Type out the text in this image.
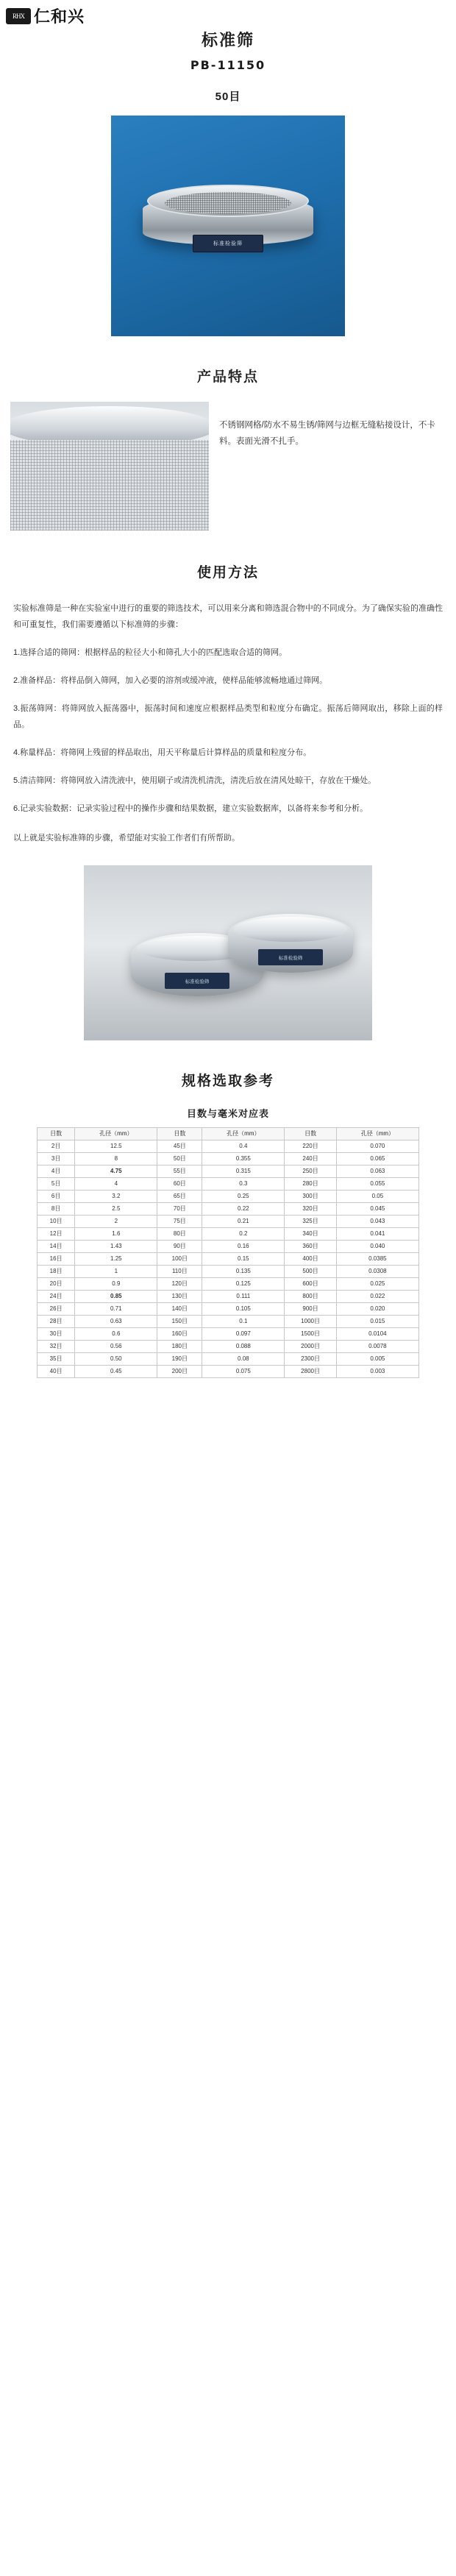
RHX 仁和兴
标准筛
PB-11150
50目
标准检验筛
产品特点
不锈钢网格/防水不易生锈/筛网与边框无缝粘接设计，不卡料。表面光滑不扎手。
使用方法
实验标准筛是一种在实验室中进行的重要的筛选技术，可以用来分离和筛选混合物中的不同成分。为了确保实验的准确性和可重复性，我们需要遵循以下标准筛的步骤：
1.选择合适的筛网：根据样品的粒径大小和筛孔大小的匹配选取合适的筛网。
2.准备样品：将样品倒入筛网，加入必要的溶剂或缓冲液，使样品能够流畅地通过筛网。
3.振荡筛网：将筛网放入振荡器中，振荡时间和速度应根据样品类型和粒度分布确定。振荡后筛网取出，移除上面的样品。
4.称量样品：将筛网上残留的样品取出，用天平称量后计算样品的质量和粒度分布。
5.清洁筛网：将筛网放入清洗液中，使用刷子或清洗机清洗，清洗后放在清风处晾干，存放在干燥处。
6.记录实验数据：记录实验过程中的操作步骤和结果数据，建立实验数据库，以备将来参考和分析。
以上就是实验标准筛的步骤，希望能对实验工作者们有所帮助。
标准检验筛
标准检验筛
规格选取参考
目数与毫米对应表
目数	孔径（mm）	目数	孔径（mm）	目数	孔径（mm）
2目	12.5	45目	0.4	220目	0.070
3目	8	50目	0.355	240目	0.065
4目	4.75	55目	0.315	250目	0.063
5目	4	60目	0.3	280目	0.055
6目	3.2	65目	0.25	300目	0.05
8目	2.5	70目	0.22	320目	0.045
10目	2	75目	0.21	325目	0.043
12目	1.6	80目	0.2	340目	0.041
14目	1.43	90目	0.16	360目	0.040
16目	1.25	100目	0.15	400目	0.0385
18目	1	110目	0.135	500目	0.0308
20目	0.9	120目	0.125	600目	0.025
24目	0.85	130目	0.111	800目	0.022
26目	0.71	140目	0.105	900目	0.020
28目	0.63	150目	0.1	1000目	0.015
30目	0.6	160目	0.097	1500目	0.0104
32目	0.56	180目	0.088	2000目	0.0078
35目	0.50	190目	0.08	2300目	0.005
40目	0.45	200目	0.075	2800目	0.003
